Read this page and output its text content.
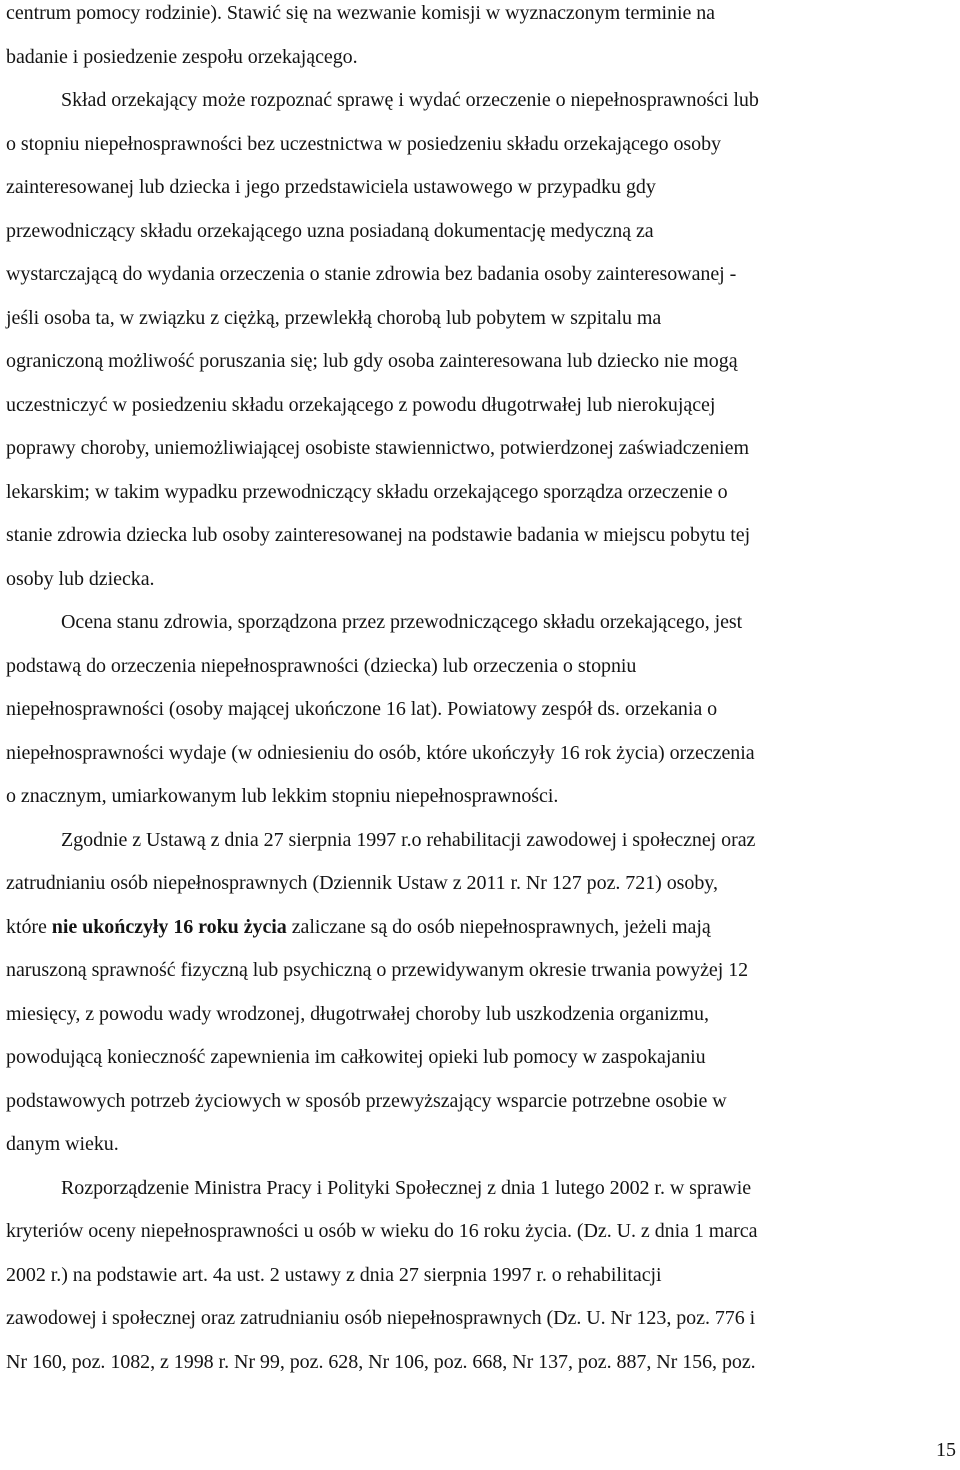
centrum pomocy rodzinie). Stawić się na wezwanie komisji w wyznaczonym terminie na
badanie i posiedzenie zespołu orzekającego.
Skład orzekający może rozpoznać sprawę i wydać orzeczenie o niepełnosprawności lub
o stopniu niepełnosprawności bez uczestnictwa w posiedzeniu składu orzekającego osoby
zainteresowanej lub dziecka i jego przedstawiciela ustawowego w przypadku gdy
przewodniczący składu orzekającego uzna posiadaną dokumentację medyczną za
wystarczającą do wydania orzeczenia o stanie zdrowia bez badania osoby zainteresowanej -
jeśli osoba ta, w związku z ciężką, przewlekłą chorobą lub pobytem w szpitalu ma
ograniczoną możliwość poruszania się; lub gdy osoba zainteresowana lub dziecko nie mogą
uczestniczyć w posiedzeniu składu orzekającego z powodu długotrwałej lub nierokującej
poprawy choroby, uniemożliwiającej osobiste stawiennictwo, potwierdzonej zaświadczeniem
lekarskim; w takim wypadku przewodniczący składu orzekającego sporządza orzeczenie o
stanie zdrowia dziecka lub osoby zainteresowanej na podstawie badania w miejscu pobytu tej
osoby lub dziecka.
Ocena stanu zdrowia, sporządzona przez przewodniczącego składu orzekającego, jest
podstawą do orzeczenia niepełnosprawności (dziecka) lub orzeczenia o stopniu
niepełnosprawności (osoby mającej ukończone 16 lat). Powiatowy zespół ds. orzekania o
niepełnosprawności wydaje (w odniesieniu do osób, które ukończyły 16 rok życia) orzeczenia
o znacznym, umiarkowanym lub lekkim stopniu niepełnosprawności.
Zgodnie z Ustawą z dnia 27 sierpnia 1997 r.o rehabilitacji zawodowej i społecznej oraz
zatrudnianiu osób niepełnosprawnych (Dziennik Ustaw z 2011 r. Nr 127 poz. 721) osoby,
które nie ukończyły 16 roku życia zaliczane są do osób niepełnosprawnych, jeżeli mają
naruszoną sprawność fizyczną lub psychiczną o przewidywanym okresie trwania powyżej 12
miesięcy, z powodu wady wrodzonej, długotrwałej choroby lub uszkodzenia organizmu,
powodującą konieczność zapewnienia im całkowitej opieki lub pomocy w zaspokajaniu
podstawowych potrzeb życiowych w sposób przewyższający wsparcie potrzebne osobie w
danym wieku.
Rozporządzenie Ministra Pracy i Polityki Społecznej z dnia 1 lutego 2002 r. w sprawie
kryteriów oceny niepełnosprawności u osób w wieku do 16 roku życia. (Dz. U. z dnia 1 marca
2002 r.) na podstawie art. 4a ust. 2 ustawy z dnia 27 sierpnia 1997 r. o rehabilitacji
zawodowej i społecznej oraz zatrudnianiu osób niepełnosprawnych (Dz. U. Nr 123, poz. 776 i
Nr 160, poz. 1082, z 1998 r. Nr 99, poz. 628, Nr 106, poz. 668, Nr 137, poz. 887, Nr 156, poz.
15
